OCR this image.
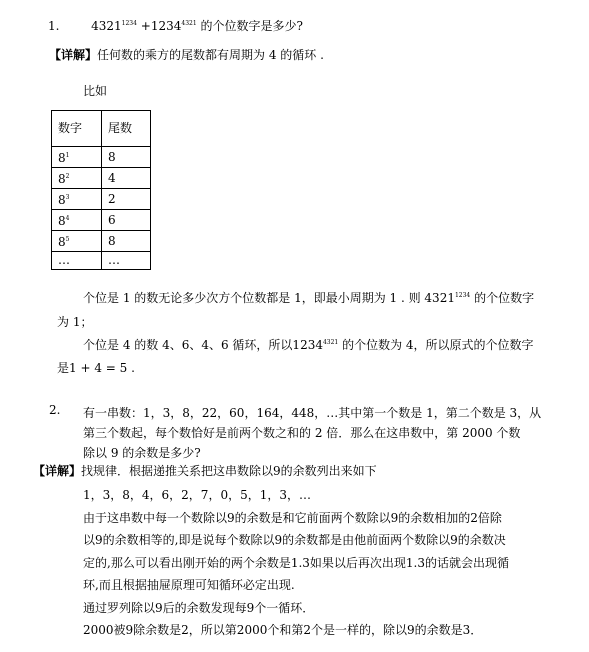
1.	$4321^{1234} +1234^{4321}$ 的个位数字是多少?
【详解】任何数的乘方的尾数都有周期为 4 的循环 .
比如
数字	尾数
$8^1$	8
$8^2$	4
$8^3$	2
$8^4$	6
$8^5$	8
…	…
个位是 1 的数无论多少次方个位数都是 1，即最小周期为 1 . 则 $4321^{1234}$ 的个位数字
为 1；
个位是 4 的数 4、6、4、6 循环，所以$1234^{4321}$ 的个位数为 4，所以原式的个位数字
是1 + 4 = 5 .
2. 有一串数：1，3，8，22，60，164，448，…其中第一个数是 1，第二个数是 3，从
第三个数起，每个数恰好是前两个数之和的 2 倍．那么在这串数中，第 2000 个数
除以 9 的余数是多少?
【详解】找规律．根据递推关系把这串数除以9的余数列出来如下
1，3，8，4，6，2，7，0，5，1，3，…
由于这串数中每一个数除以9的余数是和它前面两个数除以9的余数相加的2倍除
以9的余数相等的,即是说每个数除以9的余数都是由他前面两个数除以9的余数决
定的,那么可以看出刚开始的两个余数是1.3如果以后再次出现1.3的话就会出现循
环,而且根据抽屉原理可知循环必定出现.
通过罗列除以9后的余数发现每9个一循环．
2000被9除余数是2，所以第2000个和第2个是一样的，除以9的余数是3．
